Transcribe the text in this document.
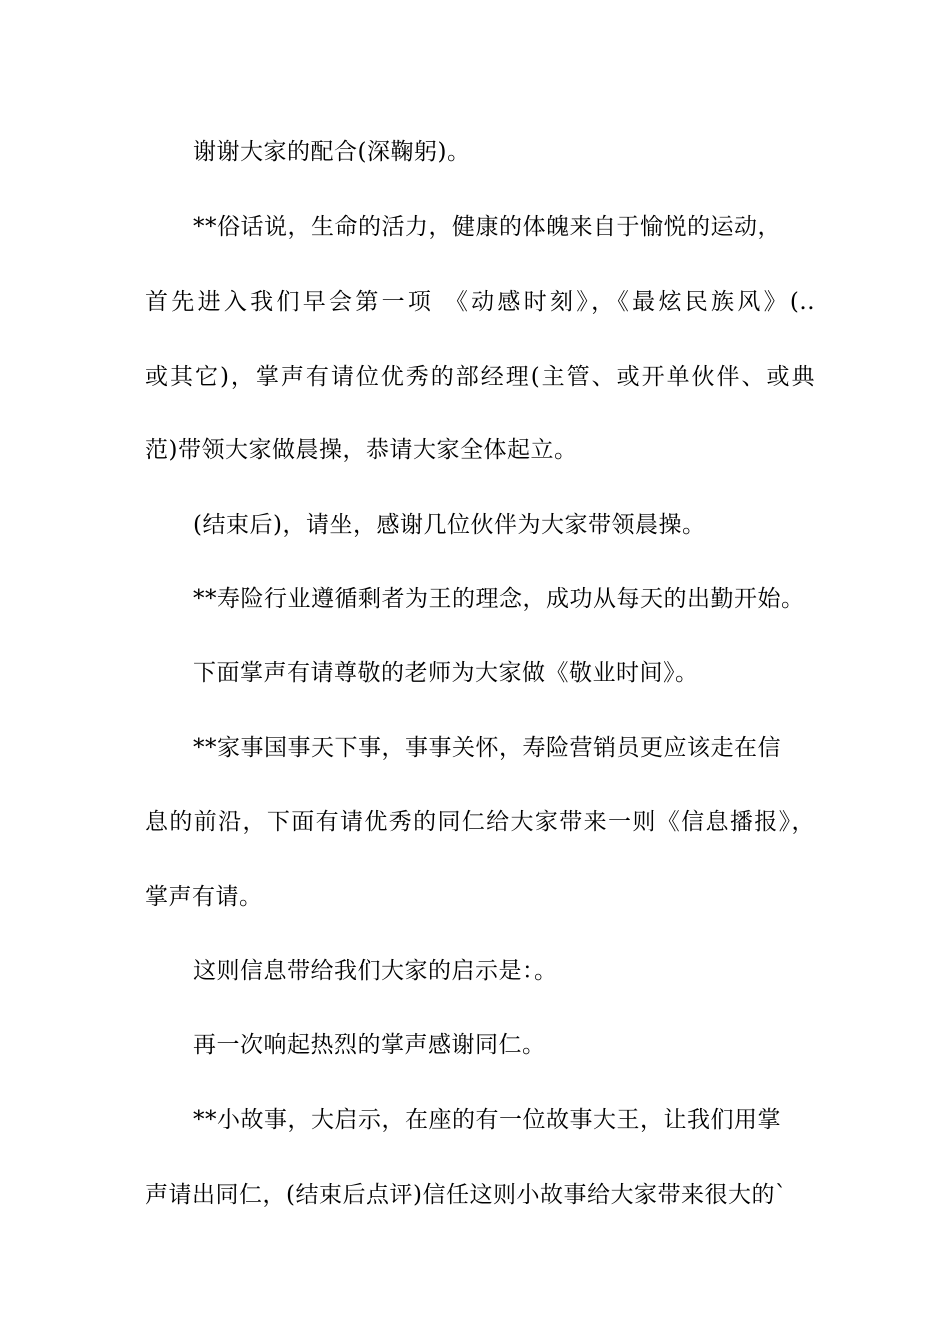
谢谢大家的配合(深鞠躬)。
**俗话说，生命的活力，健康的体魄来自于愉悦的运动，
首先进入我们早会第一项 《动感时刻》，《最炫民族风》(..
或其它)，掌声有请位优秀的部经理(主管、或开单伙伴、或典
范)带领大家做晨操，恭请大家全体起立。
(结束后)，请坐，感谢几位伙伴为大家带领晨操。
**寿险行业遵循剩者为王的理念，成功从每天的出勤开始。
下面掌声有请尊敬的老师为大家做《敬业时间》。
**家事国事天下事，事事关怀，寿险营销员更应该走在信
息的前沿，下面有请优秀的同仁给大家带来一则《信息播报》，
掌声有请。
这则信息带给我们大家的启示是：。
再一次响起热烈的掌声感谢同仁。
**小故事，大启示，在座的有一位故事大王，让我们用掌
声请出同仁，(结束后点评)信任这则小故事给大家带来很大的`
